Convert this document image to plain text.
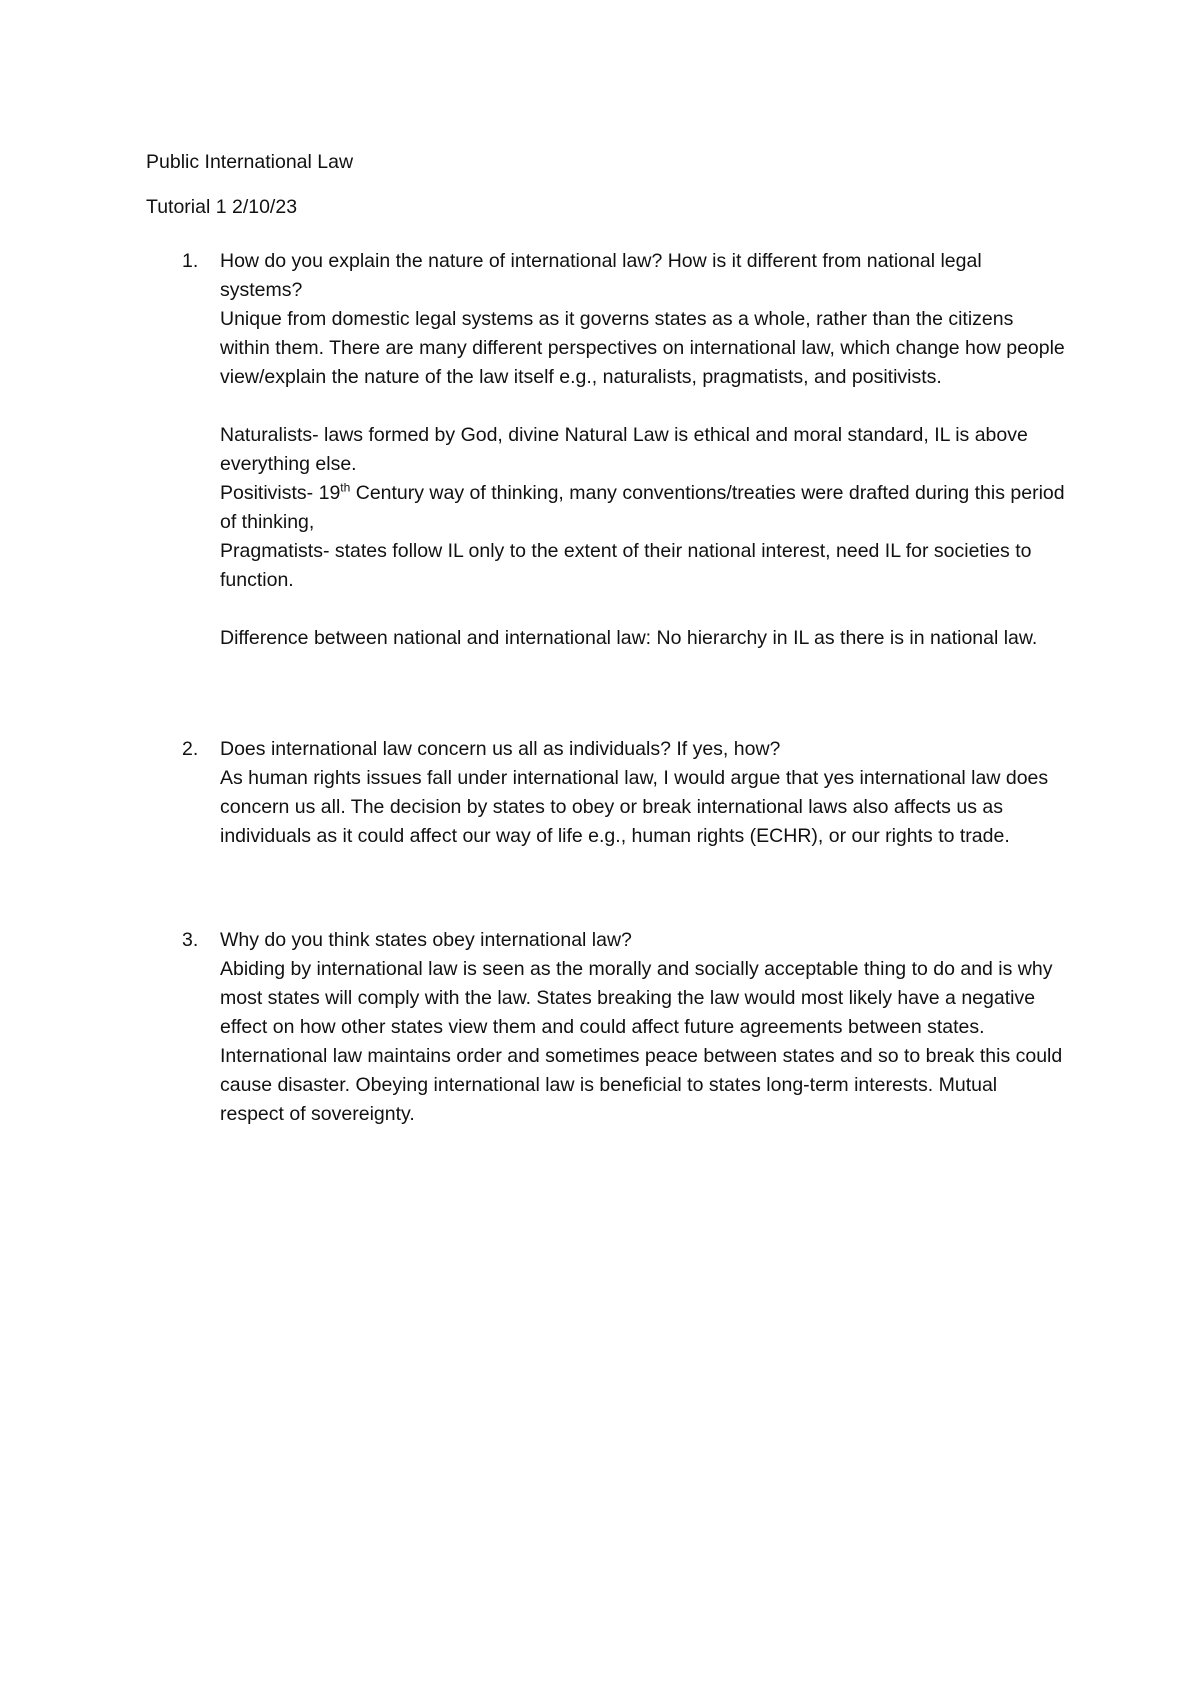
Public International Law

Tutorial 1 2/10/23

1.	How do you explain the nature of international law? How is it different from national legal systems?

Unique from domestic legal systems as it governs states as a whole, rather than the citizens within them. There are many different perspectives on international law, which change how people view/explain the nature of the law itself e.g., naturalists, pragmatists, and positivists.

Naturalists- laws formed by God, divine Natural Law is ethical and moral standard, IL is above everything else.

Positivists- 19th Century way of thinking, many conventions/treaties were drafted during this period of thinking,

Pragmatists- states follow IL only to the extent of their national interest, need IL for societies to function.

Difference between national and international law: No hierarchy in IL as there is in national law.

2.	Does international law concern us all as individuals? If yes, how?

As human rights issues fall under international law, I would argue that yes international law does concern us all. The decision by states to obey or break international laws also affects us as individuals as it could affect our way of life e.g., human rights (ECHR), or our rights to trade.

3.	Why do you think states obey international law?

Abiding by international law is seen as the morally and socially acceptable thing to do and is why most states will comply with the law. States breaking the law would most likely have a negative effect on how other states view them and could affect future agreements between states. International law maintains order and sometimes peace between states and so to break this could cause disaster. Obeying international law is beneficial to states long-term interests. Mutual respect of sovereignty.
